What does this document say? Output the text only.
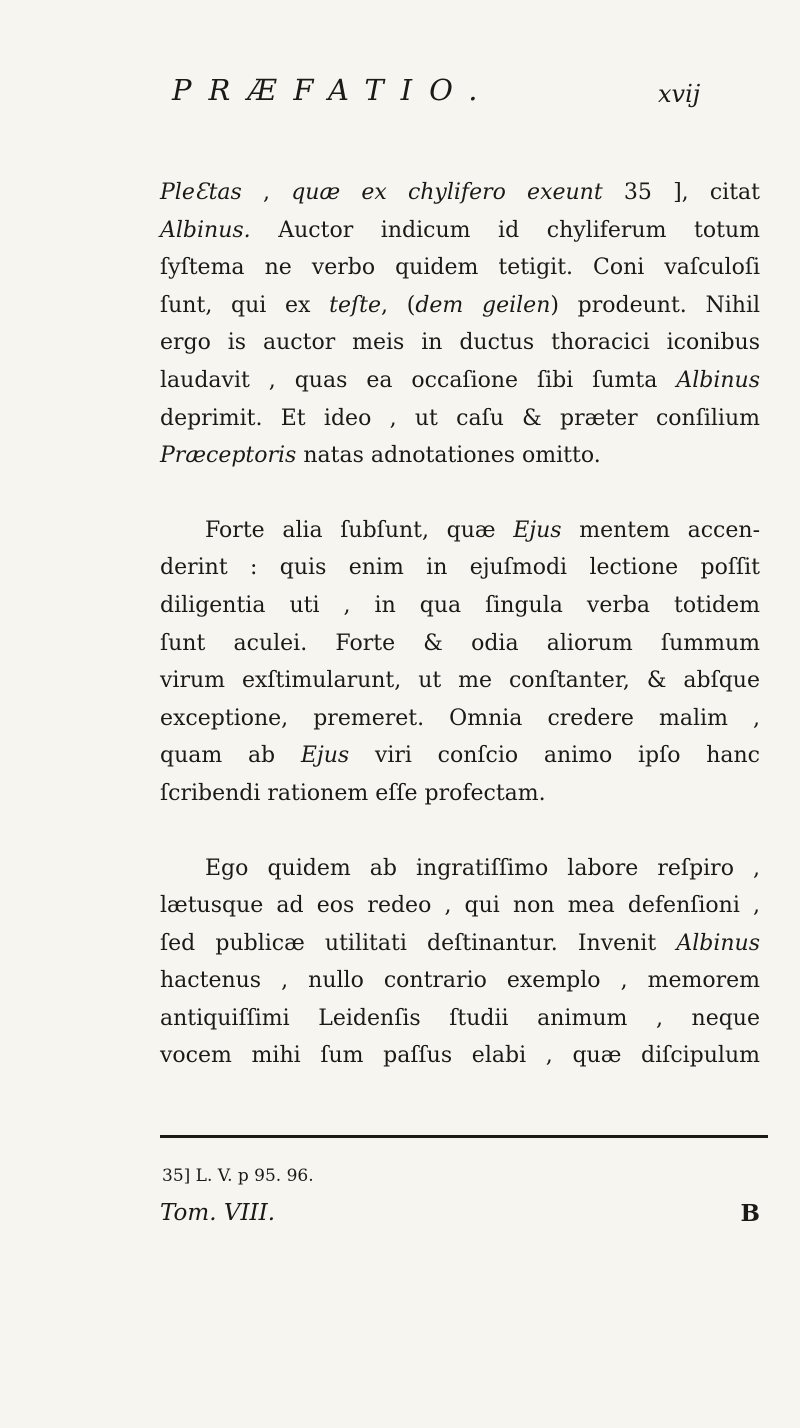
PRÆFATIO.	xvij

PleƐtas , quæ ex chylifero exeunt 35 ], citat
Albinus. Auctor indicum id chyliferum totum
ſyſtema ne verbo quidem tetigit. Coni vaſculoſi
ſunt, qui ex teſte, (dem geilen) prodeunt. Nihil
ergo is auctor meis in ductus thoracici iconibus
laudavit , quas ea occaſione ſibi ſumta Albinus
deprimit. Et ideo , ut caſu & præter conſilium
Præceptoris natas adnotationes omitto.

Forte alia ſubſunt, quæ Ejus mentem accen-
derint : quis enim in ejuſmodi lectione poſſit
diligentia uti , in qua ſingula verba totidem
ſunt aculei. Forte & odia aliorum ſummum
virum exſtimularunt, ut me conſtanter, & abſque
exceptione, premeret. Omnia credere malim ,
quam ab Ejus viri conſcio animo ipſo hanc
ſcribendi rationem eſſe profectam.

Ego quidem ab ingratiſſimo labore reſpiro ,
lætusque ad eos redeo , qui non mea defenſioni ,
ſed publicæ utilitati deſtinantur. Invenit Albinus
hactenus , nullo contrario exemplo , memorem
antiquiſſimi Leidenſis ſtudii animum , neque
vocem mihi ſum paſſus elabi , quæ diſcipulum

35] L. V. p 95. 96.
Tom. VIII.	B
